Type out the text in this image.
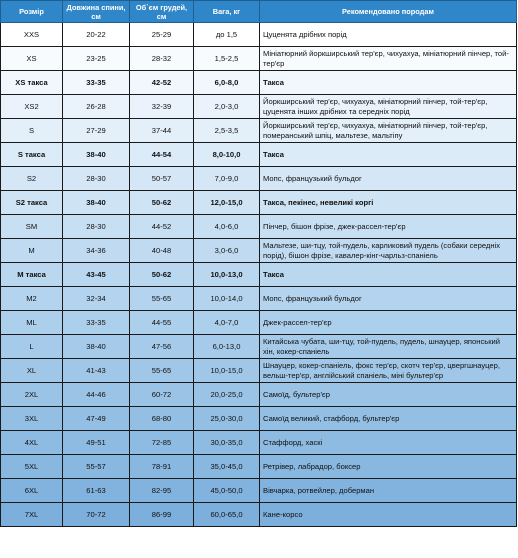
Розмір	Довжина спини, см	Об`єм грудей, см	Вага, кг	Рекомендовано породам
XXS	20-22	25-29	до 1,5	Цуценята дрібних порід
XS	23-25	28-32	1,5-2,5	Мініатюрний йоркширський тер'єр, чихуахуа, мініатюрний пінчер, той-тер'єр
XS такса	33-35	42-52	6,0-8,0	Такса
XS2	26-28	32-39	2,0-3,0	Йоркширський тер'єр, чихуахуа, мініатюрний пінчер, той-тер'єр, цуценята інших дрібних та середніх порід
S	27-29	37-44	2,5-3,5	Йоркширський тер'єр, чихуахуа, мініатюрний пінчер, той-тер'єр, померанський шпіц, мальтезе, мальтіпу
S такса	38-40	44-54	8,0-10,0	Такса
S2	28-30	50-57	7,0-9,0	Мопс, французький бульдог
S2 такса	38-40	50-62	12,0-15,0	Такса, пекінес, невеликі коргі
SM	28-30	44-52	4,0-6,0	Пінчер, бішон фрізе, джек-рассел-тер'єр
M	34-36	40-48	3,0-6,0	Мальтезе, ши-тцу, той-пудель, карликовий пудель (собаки середніх порід), бішон фрізе, кавалер-кінг-чарльз-спаніель
M такса	43-45	50-62	10,0-13,0	Такса
M2	32-34	55-65	10,0-14,0	Мопс, французький бульдог
ML	33-35	44-55	4,0-7,0	Джек-рассел-тер'єр
L	38-40	47-56	6,0-13,0	Китайська чубата, ши-тцу, той-пудель, пудель, шнауцер, японський хін, кокер-спаніель
XL	41-43	55-65	10,0-15,0	Шнауцер, кокер-спаніель, фокс тер'єр, скотч тер'єр, цвергшнауцер, вельш-тер'єр, англійський спаніель, міні бультер'єр
2XL	44-46	60-72	20,0-25,0	Самоїд, бультер'єр
3XL	47-49	68-80	25,0-30,0	Самоїд великий, стафборд, бультер'єр
4XL	49-51	72-85	30,0-35,0	Стаффорд, хаскі
5XL	55-57	78-91	35,0-45,0	Ретрівер, лабрадор, боксер
6XL	61-63	82-95	45,0-50,0	Вівчарка, ротвейлер, доберман
7XL	70-72	86-99	60,0-65,0	Кане-корсо
